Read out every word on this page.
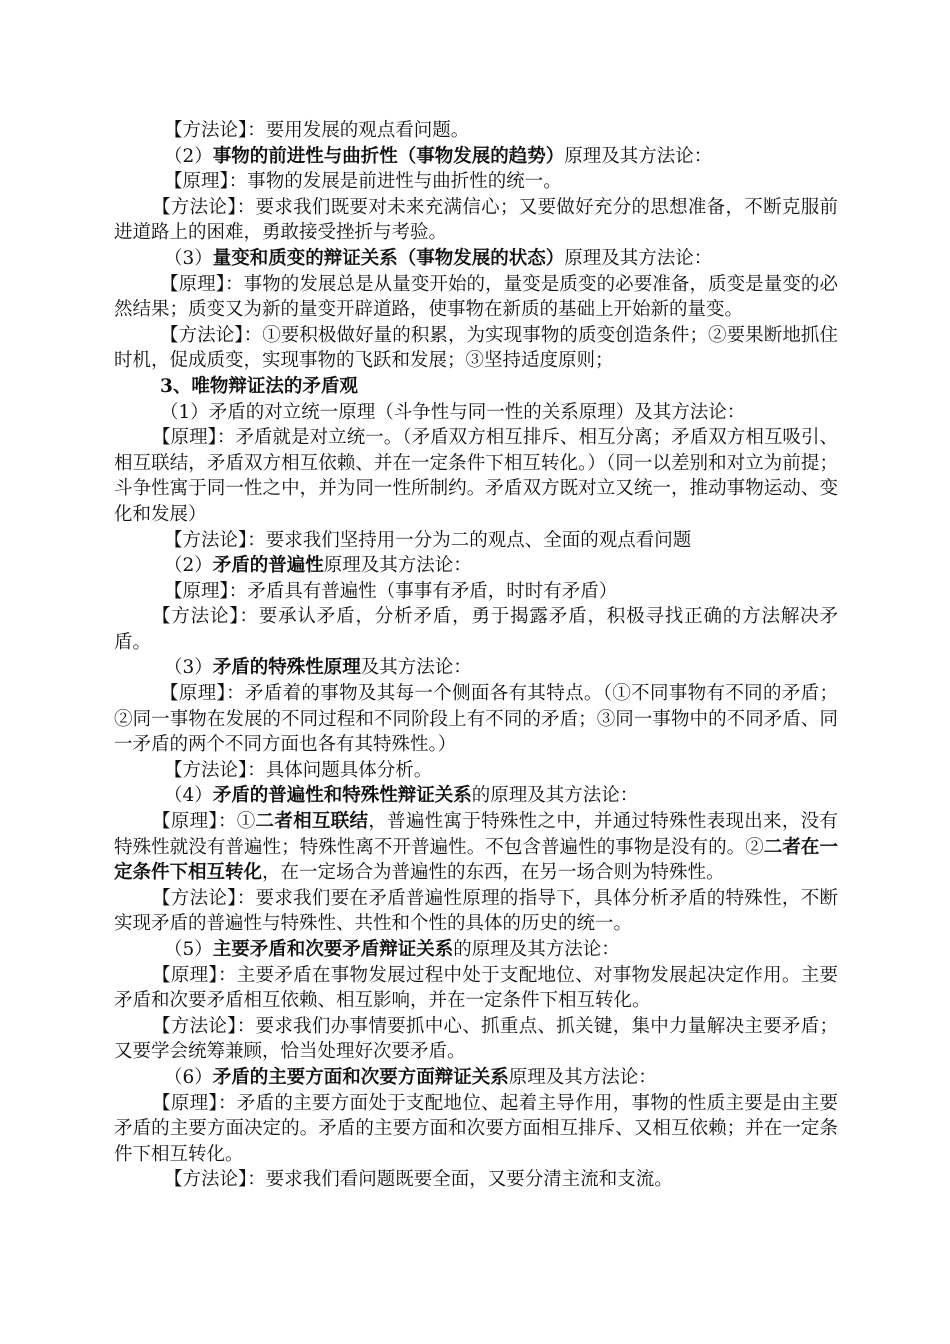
【方法论】：要用发展的观点看问题。

（2）事物的前进性与曲折性（事物发展的趋势）原理及其方法论：

【原理】：事物的发展是前进性与曲折性的统一。

【方法论】：要求我们既要对未来充满信心；又要做好充分的思想准备，不断克服前进道路上的困难，勇敢接受挫折与考验。

（3）量变和质变的辩证关系（事物发展的状态）原理及其方法论：

【原理】：事物的发展总是从量变开始的，量变是质变的必要准备，质变是量变的必然结果；质变又为新的量变开辟道路，使事物在新质的基础上开始新的量变。

【方法论】：①要积极做好量的积累，为实现事物的质变创造条件；②要果断地抓住时机，促成质变，实现事物的飞跃和发展；③坚持适度原则；

3、唯物辩证法的矛盾观

（1）矛盾的对立统一原理（斗争性与同一性的关系原理）及其方法论：

【原理】：矛盾就是对立统一。（矛盾双方相互排斥、相互分离；矛盾双方相互吸引、相互联结，矛盾双方相互依赖、并在一定条件下相互转化。）（同一以差别和对立为前提；斗争性寓于同一性之中，并为同一性所制约。矛盾双方既对立又统一，推动事物运动、变化和发展）

【方法论】：要求我们坚持用一分为二的观点、全面的观点看问题

（2）矛盾的普遍性原理及其方法论：

【原理】：矛盾具有普遍性（事事有矛盾，时时有矛盾）

【方法论】：要承认矛盾，分析矛盾，勇于揭露矛盾，积极寻找正确的方法解决矛盾。

（3）矛盾的特殊性原理及其方法论：

【原理】：矛盾着的事物及其每一个侧面各有其特点。（①不同事物有不同的矛盾；②同一事物在发展的不同过程和不同阶段上有不同的矛盾；③同一事物中的不同矛盾、同一矛盾的两个不同方面也各有其特殊性。）

【方法论】：具体问题具体分析。

（4）矛盾的普遍性和特殊性辩证关系的原理及其方法论：

【原理】：①二者相互联结，普遍性寓于特殊性之中，并通过特殊性表现出来，没有特殊性就没有普遍性；特殊性离不开普遍性。不包含普遍性的事物是没有的。②二者在一定条件下相互转化，在一定场合为普遍性的东西，在另一场合则为特殊性。

【方法论】：要求我们要在矛盾普遍性原理的指导下，具体分析矛盾的特殊性，不断实现矛盾的普遍性与特殊性、共性和个性的具体的历史的统一。

（5）主要矛盾和次要矛盾辩证关系的原理及其方法论：

【原理】：主要矛盾在事物发展过程中处于支配地位、对事物发展起决定作用。主要矛盾和次要矛盾相互依赖、相互影响，并在一定条件下相互转化。

【方法论】：要求我们办事情要抓中心、抓重点、抓关键，集中力量解决主要矛盾；又要学会统筹兼顾，恰当处理好次要矛盾。

（6）矛盾的主要方面和次要方面辩证关系原理及其方法论：

【原理】：矛盾的主要方面处于支配地位、起着主导作用，事物的性质主要是由主要矛盾的主要方面决定的。矛盾的主要方面和次要方面相互排斥、又相互依赖；并在一定条件下相互转化。

【方法论】：要求我们看问题既要全面，又要分清主流和支流。
